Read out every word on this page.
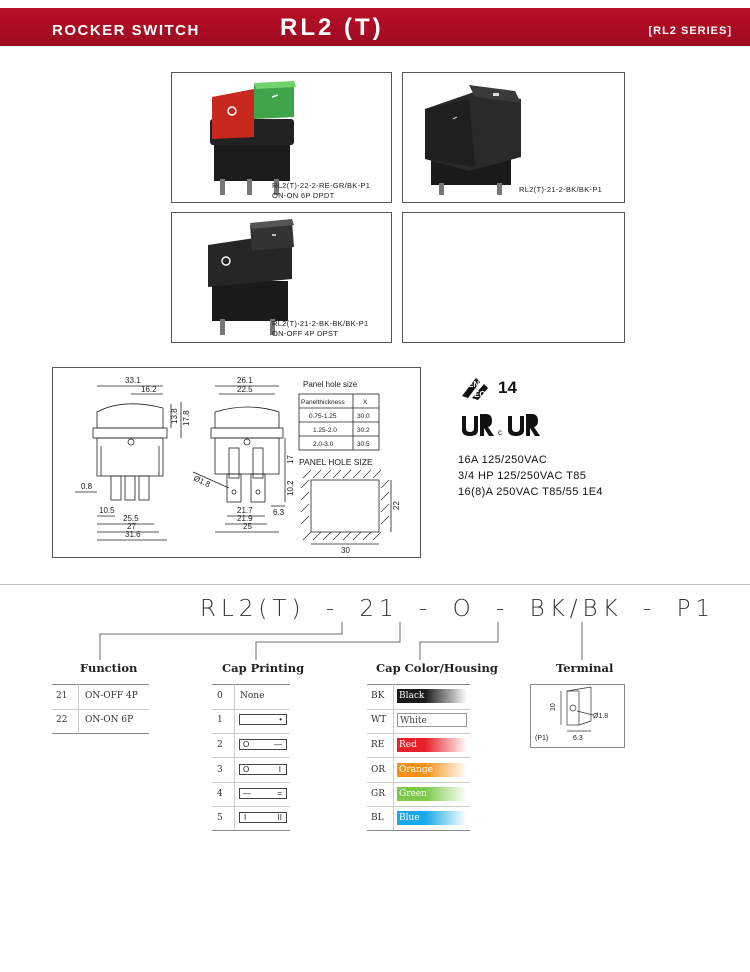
ROCKER SWITCH	RL2 (T)	[RL2 SERIES]
RL2(T)-22-2-RE-GR/BK-P1
ON-ON 6P DPDT
RL2(T)-21-2-BK/BK-P1
RL2(T)-21-2-BK-BK/BK-P1
ON-OFF 4P DPST
33.1
16.2
13.8 17.8
0.8
10.5
25.5
27
31.6
26.1
22.5
17
10.2
21.7
21.9
25
Ø1.8
6.3
Panel hole size
Panelthickness	X
0.75-1.25	30.0
1.25-2.0	30.2
2.0-3.0	30.5
PANEL HOLE SIZE
30
22
EN
EC 14
c
16A 125/250VAC
3/4 HP 125/250VAC T85
16(8)A 250VAC T85/55 1E4
RL2(T) - 21 - O - BK/BK - P1
Function
21 ON-OFF 4P
22 ON-ON 6P
Cap Printing
0 None
1	•
2	O	—
3	O	I
4	—	=
5	I	II
Cap Color/Housing
BK Black
WT	White
RE Red
OR Orange
GR Green
BL Blue
Terminal
10
Ø1.8
6.3
(P1)
